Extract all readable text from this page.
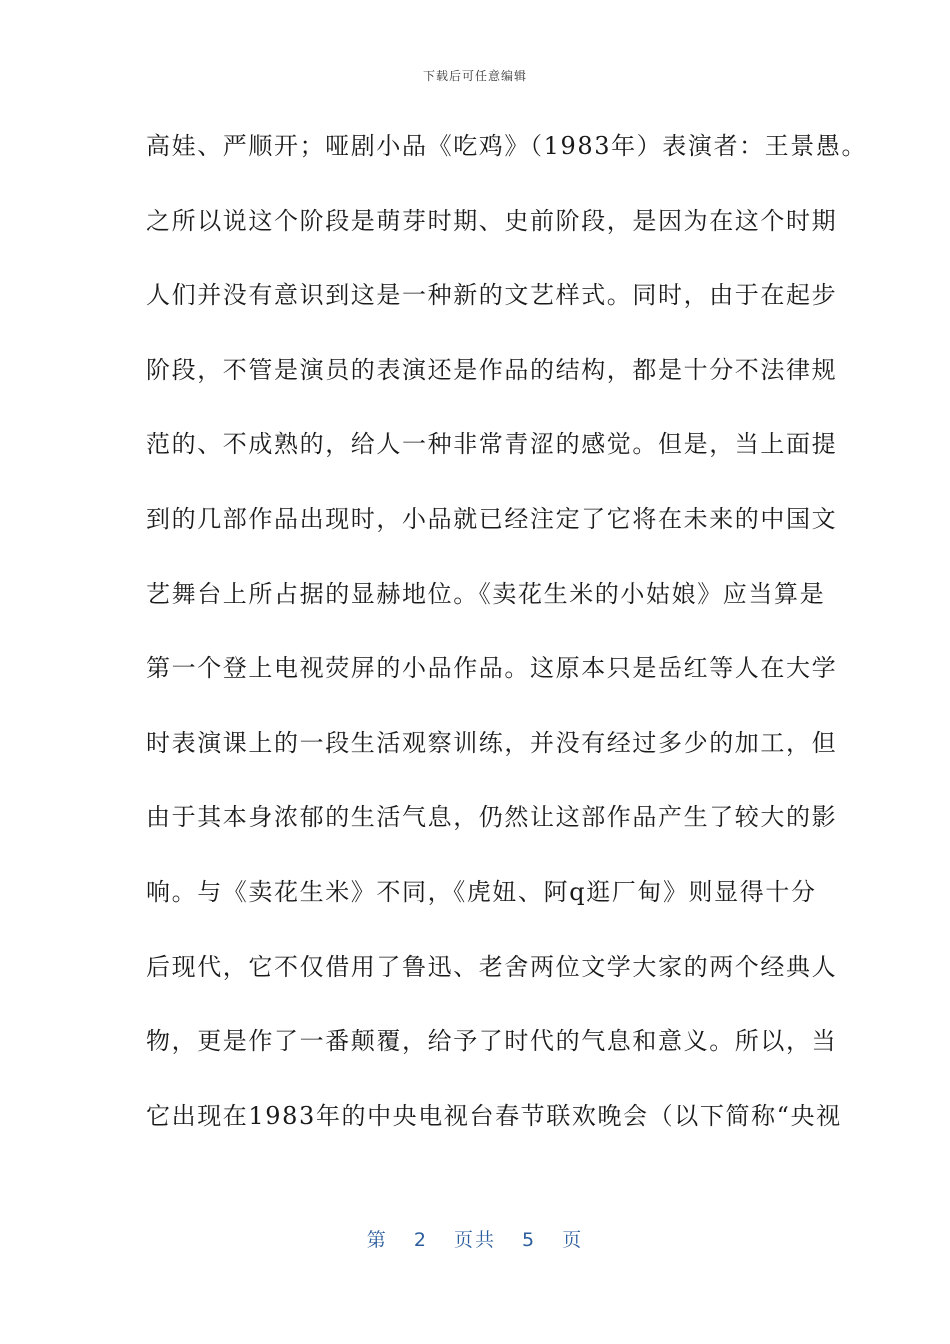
下载后可任意编辑
高娃、严顺开；哑剧小品《吃鸡》（1983年）表演者：王景愚。
之所以说这个阶段是萌芽时期、史前阶段，是因为在这个时期
人们并没有意识到这是一种新的文艺样式。同时，由于在起步
阶段，不管是演员的表演还是作品的结构，都是十分不法律规
范的、不成熟的，给人一种非常青涩的感觉。但是，当上面提
到的几部作品出现时，小品就已经注定了它将在未来的中国文
艺舞台上所占据的显赫地位。《卖花生米的小姑娘》应当算是
第一个登上电视荧屏的小品作品。这原本只是岳红等人在大学
时表演课上的一段生活观察训练，并没有经过多少的加工，但
由于其本身浓郁的生活气息，仍然让这部作品产生了较大的影
响。与《卖花生米》不同，《虎妞、阿q逛厂甸》则显得十分
后现代，它不仅借用了鲁迅、老舍两位文学大家的两个经典人
物，更是作了一番颠覆，给予了时代的气息和意义。所以，当
它出现在1983年的中央电视台春节联欢晚会（以下简称“央视
第 2 页共 5 页
